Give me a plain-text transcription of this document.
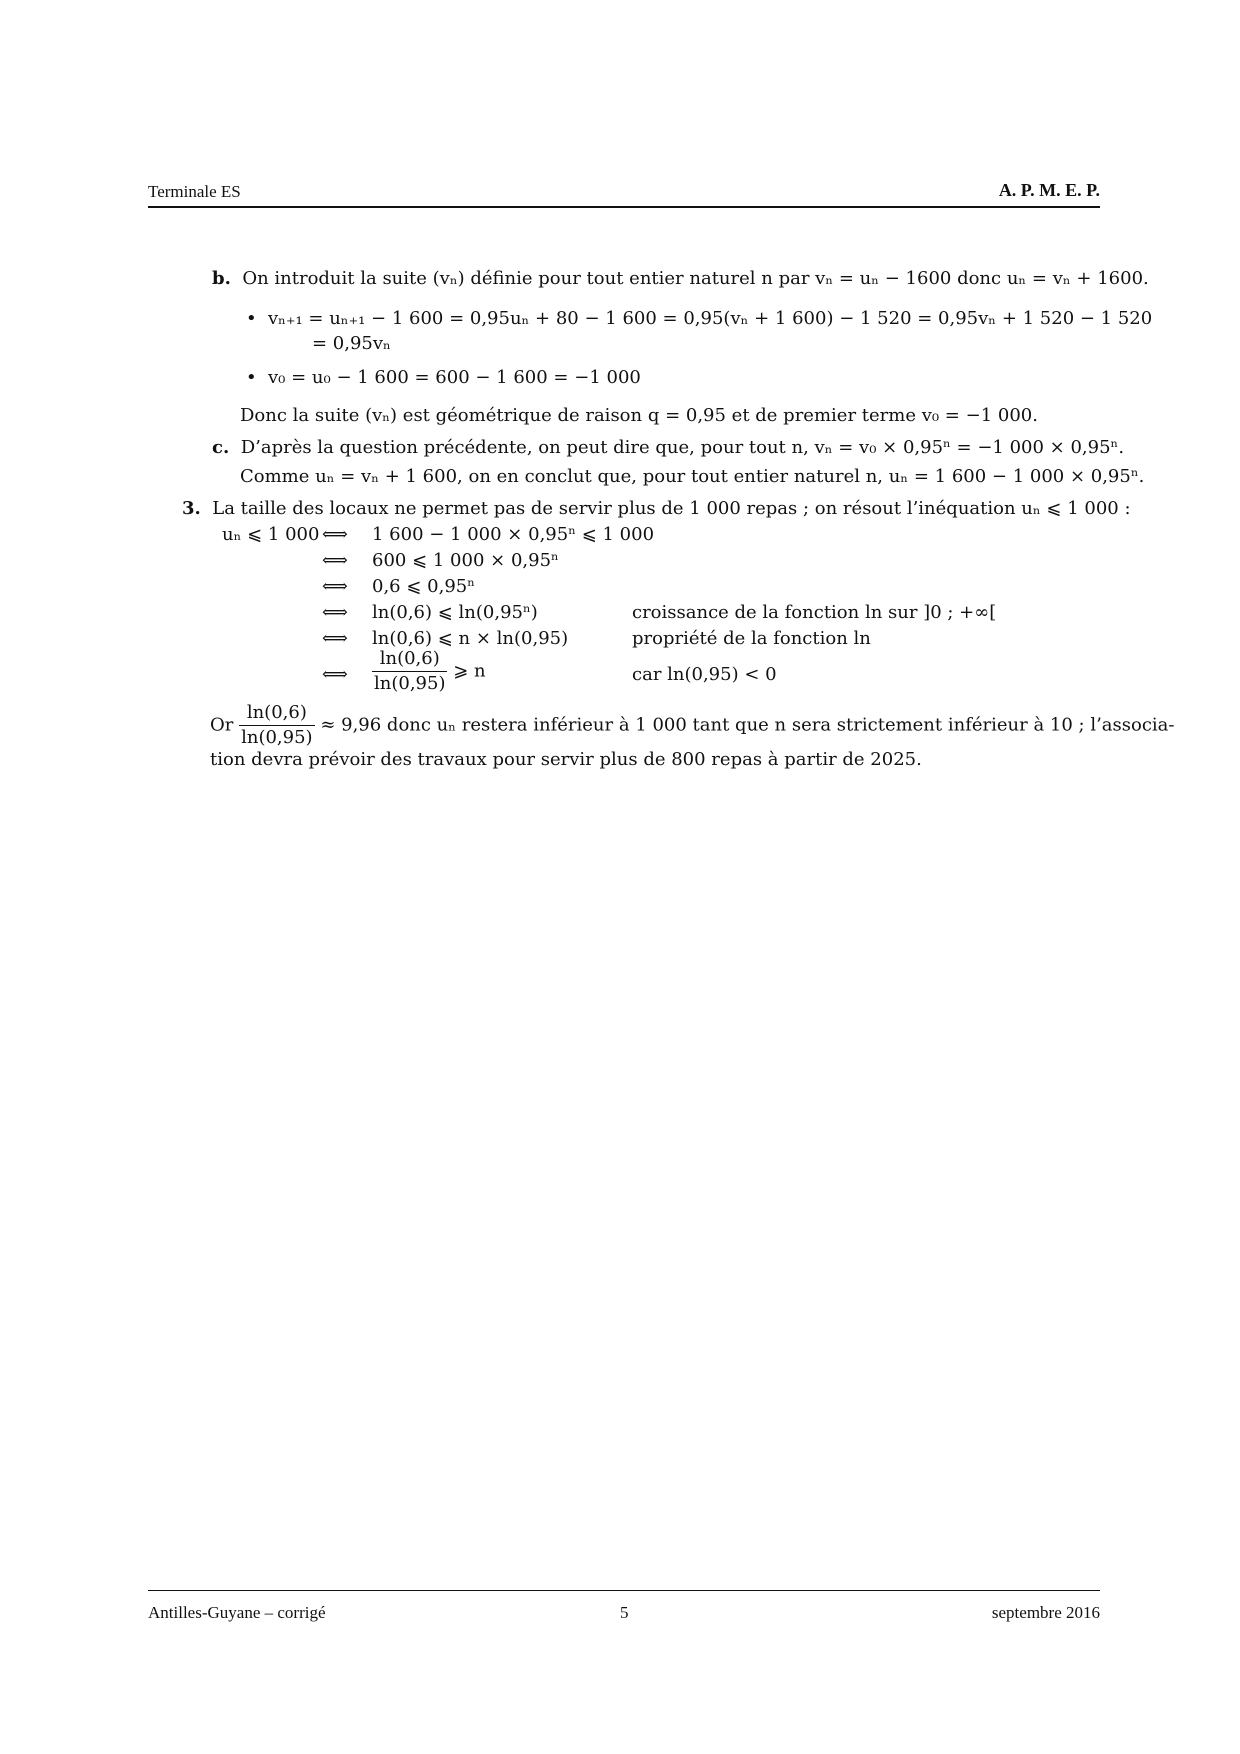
Terminale ES	A. P. M. E. P.
b. On introduit la suite (vₙ) définie pour tout entier naturel n par vₙ = uₙ − 1600 donc uₙ = vₙ + 1600.
• vₙ₊₁ = uₙ₊₁ − 1 600 = 0,95uₙ + 80 − 1 600 = 0,95(vₙ + 1 600) − 1 520 = 0,95vₙ + 1 520 − 1 520
= 0,95vₙ
• v₀ = u₀ − 1 600 = 600 − 1 600 = −1 000
Donc la suite (vₙ) est géométrique de raison q = 0,95 et de premier terme v₀ = −1 000.
c. D’après la question précédente, on peut dire que, pour tout n, vₙ = v₀ × 0,95ⁿ = −1 000 × 0,95ⁿ.
Comme uₙ = vₙ + 1 600, on en conclut que, pour tout entier naturel n, uₙ = 1 600 − 1 000 × 0,95ⁿ.
3. La taille des locaux ne permet pas de servir plus de 1 000 repas ; on résout l’inéquation uₙ ⩽ 1 000 :
uₙ ⩽ 1 000 ⟺ 1 600 − 1 000 × 0,95ⁿ ⩽ 1 000
⟺ 600 ⩽ 1 000 × 0,95ⁿ
⟺ 0,6 ⩽ 0,95ⁿ
⟺ ln(0,6) ⩽ ln(0,95ⁿ)	croissance de la fonction ln sur ]0 ; +∞[
⟺ ln(0,6) ⩽ n × ln(0,95)	propriété de la fonction ln
⟺ $\frac{\ln(0,6)}{\ln(0,95)}$ ⩾ n	car ln(0,95) < 0
Or $\frac{\ln(0,6)}{\ln(0,95)} \approx 9,96$ donc uₙ restera inférieur à 1 000 tant que n sera strictement inférieur à 10 ; l’associa-
tion devra prévoir des travaux pour servir plus de 800 repas à partir de 2025.
Antilles-Guyane – corrigé	5	septembre 2016
